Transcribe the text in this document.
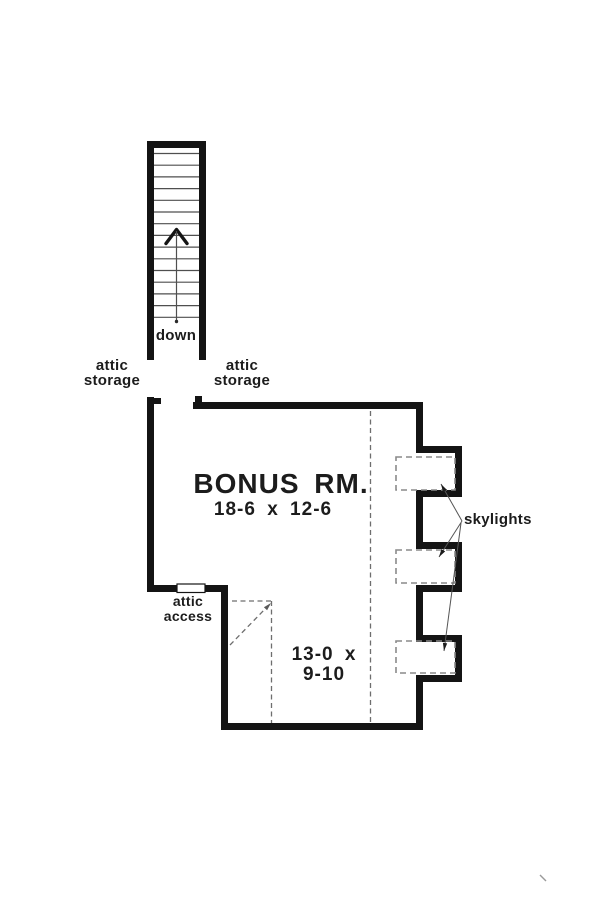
down
attic
storage
attic
storage
BONUS RM.
18-6 x 12-6
attic
access
13-0 x
9-10
skylights
